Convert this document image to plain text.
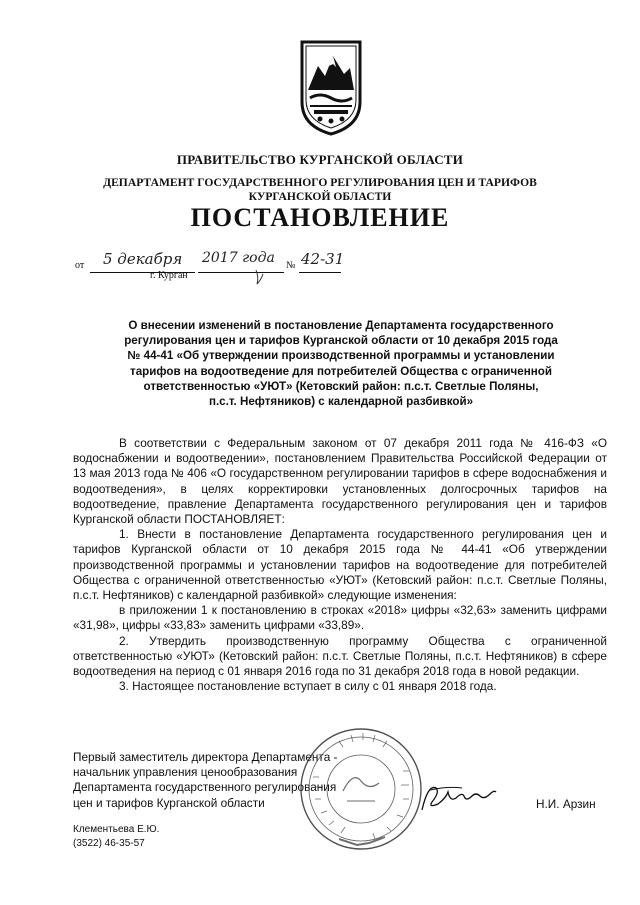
ПРАВИТЕЛЬСТВО КУРГАНСКОЙ ОБЛАСТИ
ДЕПАРТАМЕНТ ГОСУДАРСТВЕННОГО РЕГУЛИРОВАНИЯ ЦЕН И ТАРИФОВ
КУРГАНСКОЙ ОБЛАСТИ
ПОСТАНОВЛЕНИЕ
от 5 декабря 2017 года № 42-31
г. Курган
О внесении изменений в постановление Департамента государственного
регулирования цен и тарифов Курганской области от 10 декабря 2015 года
№ 44-41 «Об утверждении производственной программы и установлении
тарифов на водоотведение для потребителей Общества с ограниченной
ответственностью «УЮТ» (Кетовский район: п.с.т. Светлые Поляны,
п.с.т. Нефтяников) с календарной разбивкой»

В соответствии с Федеральным законом от 07 декабря 2011 года № 416-ФЗ «О водоснабжении и водоотведении», постановлением Правительства Российской Федерации от 13 мая 2013 года № 406 «О государственном регулировании тарифов в сфере водоснабжения и водоотведения», в целях корректировки установленных долгосрочных тарифов на водоотведение, правление Департамента государственного регулирования цен и тарифов Курганской области ПОСТАНОВЛЯЕТ:

1. Внести в постановление Департамента государственного регулирования цен и тарифов Курганской области от 10 декабря 2015 года № 44-41 «Об утверждении производственной программы и установлении тарифов на водоотведение для потребителей Общества с ограниченной ответственностью «УЮТ» (Кетовский район: п.с.т. Светлые Поляны, п.с.т. Нефтяников) с календарной разбивкой» следующие изменения:

в приложении 1 к постановлению в строках «2018» цифры «32,63» заменить цифрами «31,98», цифры «33,83» заменить цифрами «33,89».

2. Утвердить производственную программу Общества с ограниченной ответственностью «УЮТ» (Кетовский район: п.с.т. Светлые Поляны, п.с.т. Нефтяников) в сфере водоотведения на период с 01 января 2016 года по 31 декабря 2018 года в новой редакции.

3. Настоящее постановление вступает в силу с 01 января 2018 года.

Первый заместитель директора Департамента -
начальник управления ценообразования
Департамента государственного регулирования
цен и тарифов Курганской области	Н.И. Арзин
Клементьева Е.Ю.
(3522) 46-35-57
